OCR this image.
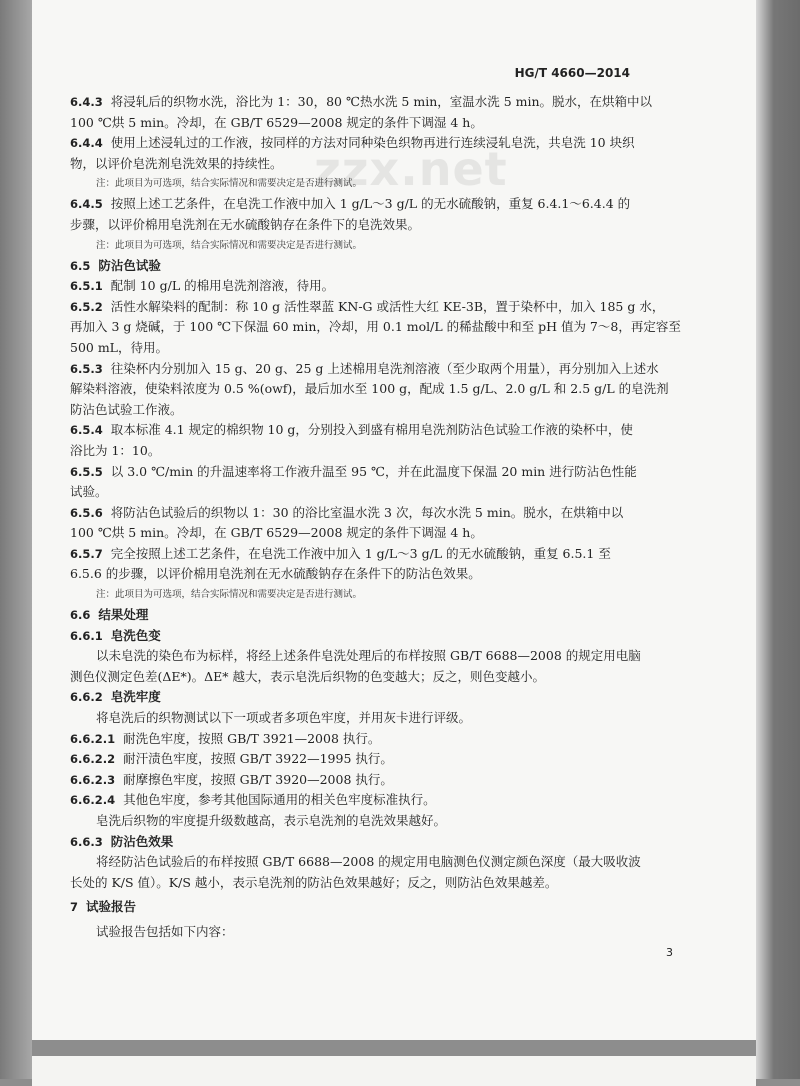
zzx.net
HG/T 4660—2014
6.4.3 将浸轧后的织物水洗，浴比为 1：30，80 ℃热水洗 5 min，室温水洗 5 min。脱水，在烘箱中以
100 ℃烘 5 min。冷却，在 GB/T 6529—2008 规定的条件下调湿 4 h。
6.4.4 使用上述浸轧过的工作液，按同样的方法对同种染色织物再进行连续浸轧皂洗，共皂洗 10 块织
物，以评价皂洗剂皂洗效果的持续性。
注：此项目为可选项，结合实际情况和需要决定是否进行测试。
6.4.5 按照上述工艺条件，在皂洗工作液中加入 1 g/L～3 g/L 的无水硫酸钠，重复 6.4.1～6.4.4 的
步骤，以评价棉用皂洗剂在无水硫酸钠存在条件下的皂洗效果。
注：此项目为可选项，结合实际情况和需要决定是否进行测试。
6.5 防沾色试验
6.5.1 配制 10 g/L 的棉用皂洗剂溶液，待用。
6.5.2 活性水解染料的配制：称 10 g 活性翠蓝 KN-G 或活性大红 KE-3B，置于染杯中，加入 185 g 水，
再加入 3 g 烧碱，于 100 ℃下保温 60 min，冷却，用 0.1 mol/L 的稀盐酸中和至 pH 值为 7～8，再定容至
500 mL，待用。
6.5.3 往染杯内分别加入 15 g、20 g、25 g 上述棉用皂洗剂溶液（至少取两个用量），再分别加入上述水
解染料溶液，使染料浓度为 0.5 %(owf)，最后加水至 100 g，配成 1.5 g/L、2.0 g/L 和 2.5 g/L 的皂洗剂
防沾色试验工作液。
6.5.4 取本标准 4.1 规定的棉织物 10 g，分别投入到盛有棉用皂洗剂防沾色试验工作液的染杯中，使
浴比为 1：10。
6.5.5 以 3.0 ℃/min 的升温速率将工作液升温至 95 ℃，并在此温度下保温 20 min 进行防沾色性能
试验。
6.5.6 将防沾色试验后的织物以 1：30 的浴比室温水洗 3 次，每次水洗 5 min。脱水，在烘箱中以
100 ℃烘 5 min。冷却，在 GB/T 6529—2008 规定的条件下调湿 4 h。
6.5.7 完全按照上述工艺条件，在皂洗工作液中加入 1 g/L～3 g/L 的无水硫酸钠，重复 6.5.1 至
6.5.6 的步骤，以评价棉用皂洗剂在无水硫酸钠存在条件下的防沾色效果。
注：此项目为可选项，结合实际情况和需要决定是否进行测试。
6.6 结果处理
6.6.1 皂洗色变
以未皂洗的染色布为标样，将经上述条件皂洗处理后的布样按照 GB/T 6688—2008 的规定用电脑
测色仪测定色差(ΔE*)。ΔE* 越大，表示皂洗后织物的色变越大；反之，则色变越小。
6.6.2 皂洗牢度
将皂洗后的织物测试以下一项或者多项色牢度，并用灰卡进行评级。
6.6.2.1 耐洗色牢度，按照 GB/T 3921—2008 执行。
6.6.2.2 耐汗渍色牢度，按照 GB/T 3922—1995 执行。
6.6.2.3 耐摩擦色牢度，按照 GB/T 3920—2008 执行。
6.6.2.4 其他色牢度，参考其他国际通用的相关色牢度标准执行。
皂洗后织物的牢度提升级数越高，表示皂洗剂的皂洗效果越好。
6.6.3 防沾色效果
将经防沾色试验后的布样按照 GB/T 6688—2008 的规定用电脑测色仪测定颜色深度（最大吸收波
长处的 K/S 值）。K/S 越小，表示皂洗剂的防沾色效果越好；反之，则防沾色效果越差。
7 试验报告
试验报告包括如下内容：
3
